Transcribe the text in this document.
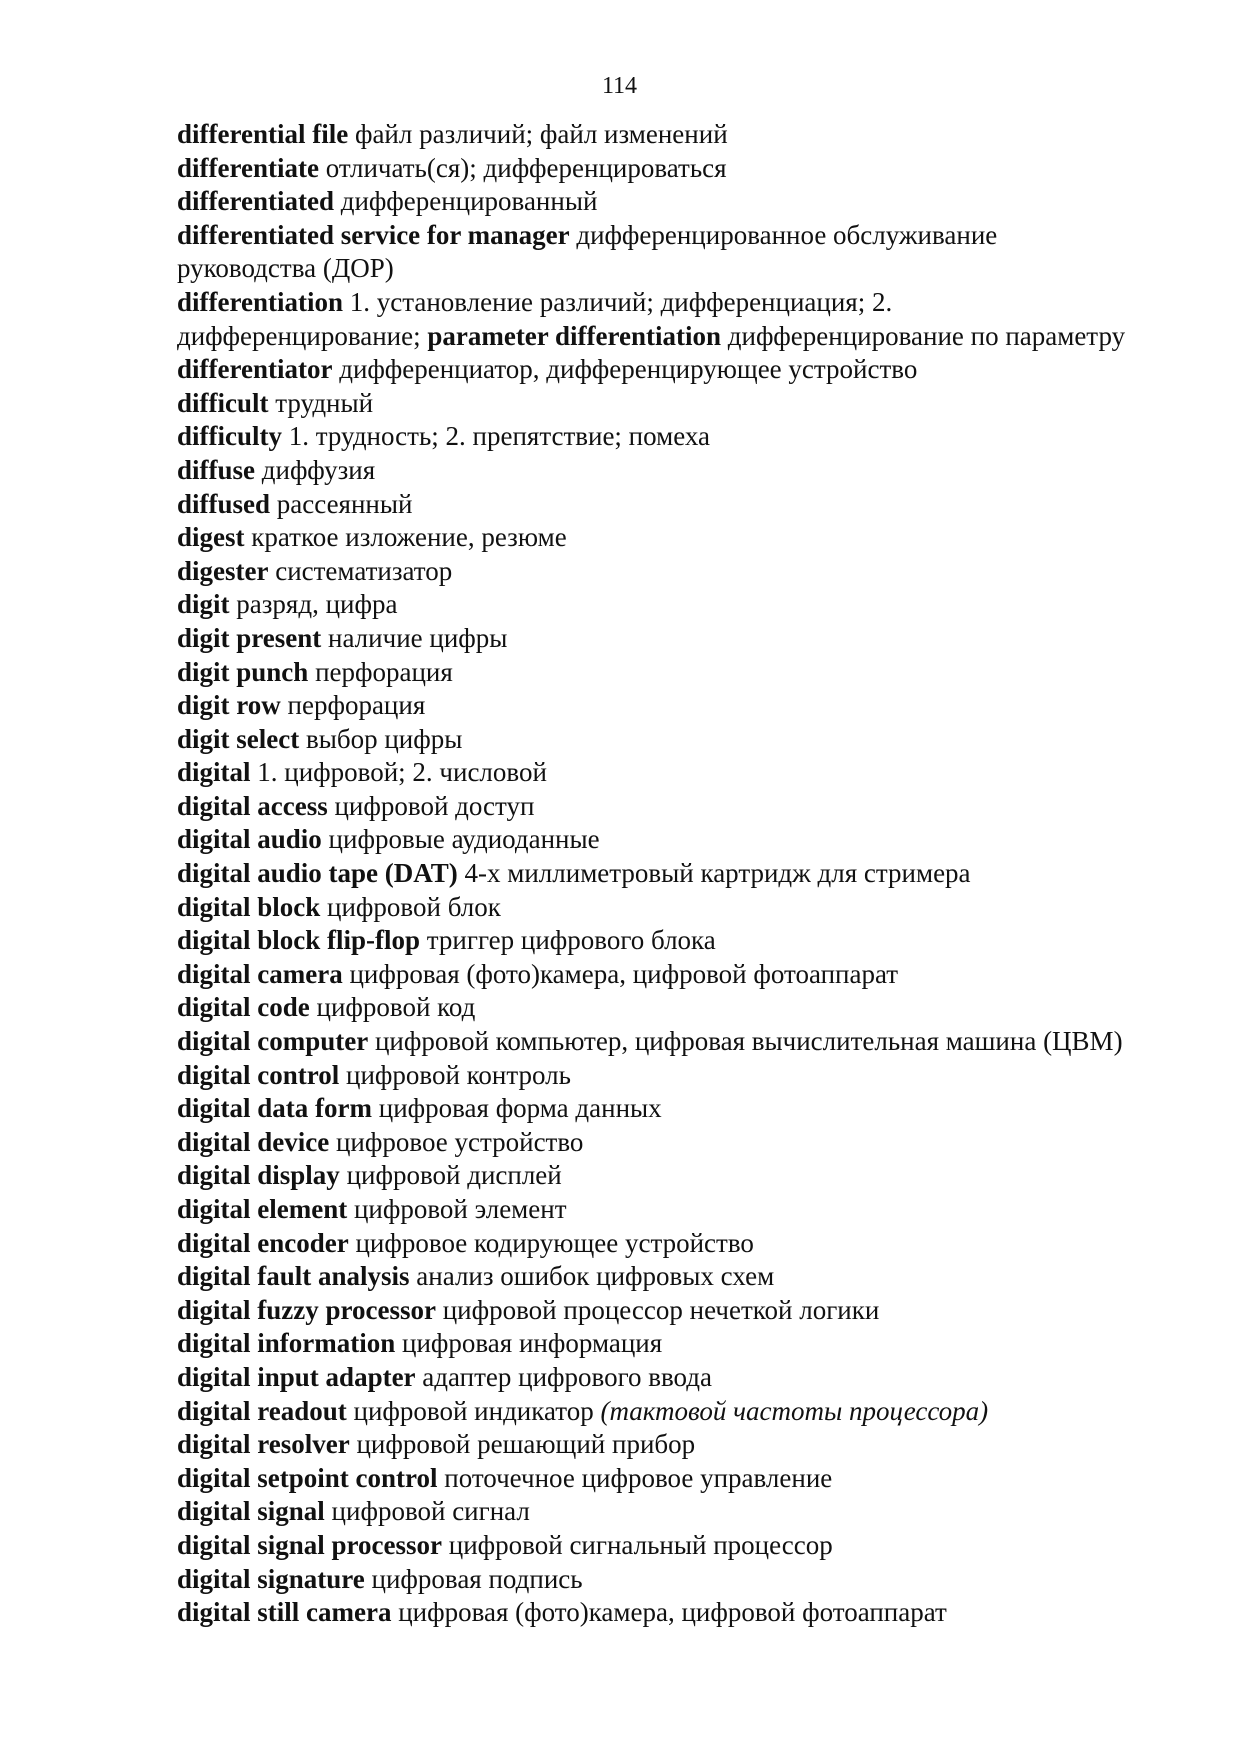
114

differential file файл различий; файл изменений

differentiate отличать(ся); дифференцироваться

differentiated дифференцированный

differentiated service for manager дифференцированное обслуживание
руководства (ДОР)

differentiation 1. установление различий; дифференциация; 2.
дифференцирование; parameter differentiation дифференцирование по параметру

differentiator дифференциатор, дифференцирующее устройство

difficult трудный

difficulty 1. трудность; 2. препятствие; помеха

diffuse диффузия

diffused рассеянный

digest краткое изложение, резюме

digester систематизатор

digit разряд, цифра

digit present наличие цифры

digit punch перфорация

digit row перфорация

digit select выбор цифры

digital 1. цифровой; 2. числовой

digital access цифровой доступ

digital audio цифровые аудиоданные

digital audio tape (DAT) 4-х миллиметровый картридж для стримера

digital block цифровой блок

digital block flip-flop триггер цифрового блока

digital camera цифровая (фото)камера, цифровой фотоаппарат

digital code цифровой код

digital computer цифровой компьютер, цифровая вычислительная машина (ЦВМ)

digital control цифровой контроль

digital data form цифровая форма данных

digital device цифровое устройство

digital display цифровой дисплей

digital element цифровой элемент

digital encoder цифровое кодирующее устройство

digital fault analysis анализ ошибок цифровых схем

digital fuzzy processor цифровой процессор нечеткой логики

digital information цифровая информация

digital input adapter адаптер цифрового ввода

digital readout цифровой индикатор (тактовой частоты процессора)

digital resolver цифровой решающий прибор

digital setpoint control поточечное цифровое управление

digital signal цифровой сигнал

digital signal processor цифровой сигнальный процессор

digital signature цифровая подпись

digital still camera цифровая (фото)камера, цифровой фотоаппарат
